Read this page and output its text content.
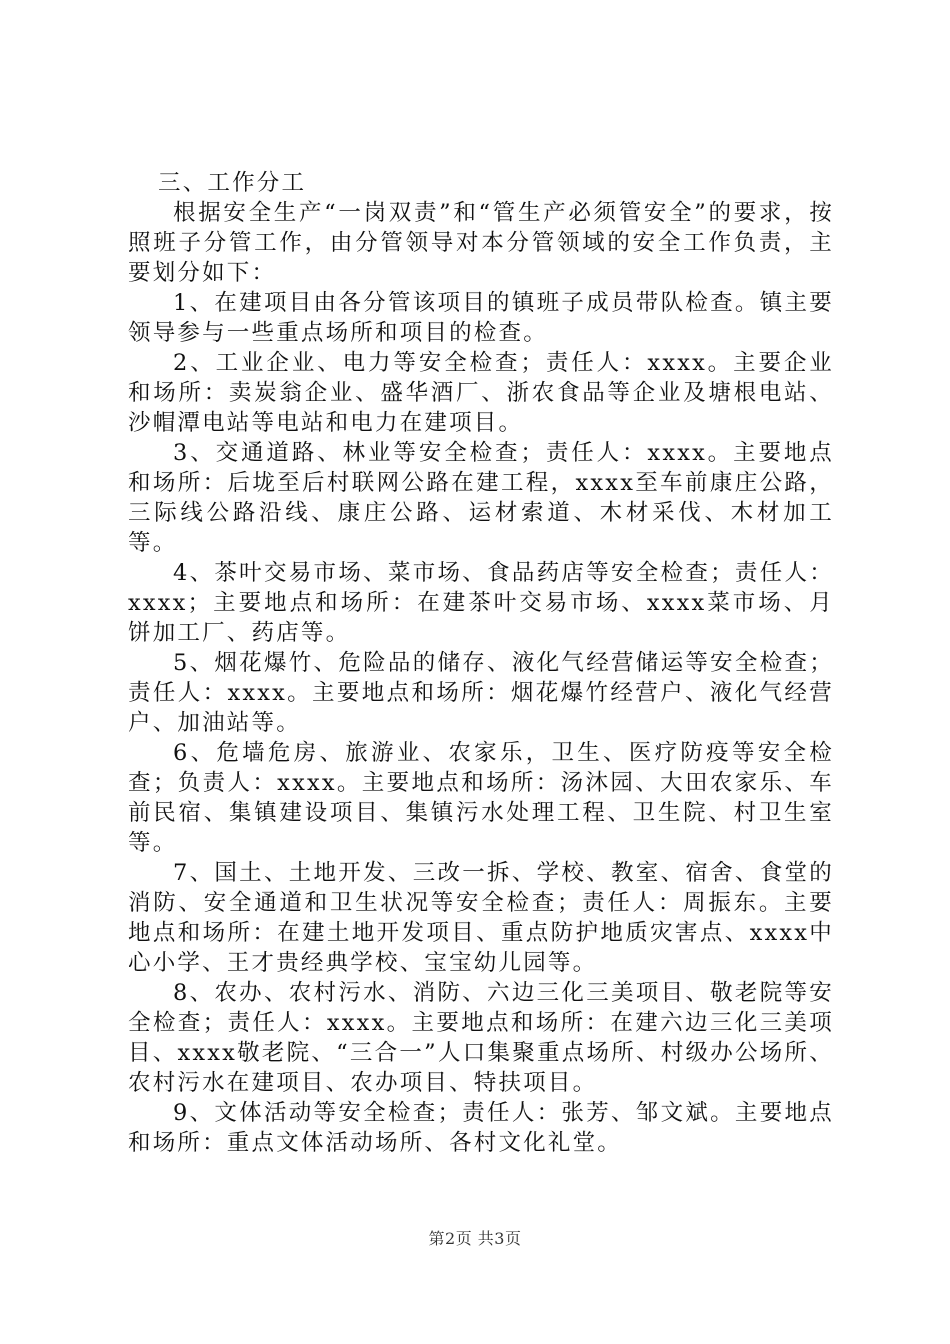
三、工作分工

根据安全生产“一岗双责”和“管生产必须管安全”的要求，按照班子分管工作，由分管领导对本分管领域的安全工作负责，主要划分如下：

1、在建项目由各分管该项目的镇班子成员带队检查。镇主要领导参与一些重点场所和项目的检查。

2、工业企业、电力等安全检查；责任人：xxxx。主要企业和场所：卖炭翁企业、盛华酒厂、浙农食品等企业及塘根电站、沙帽潭电站等电站和电力在建项目。

3、交通道路、林业等安全检查；责任人：xxxx。主要地点和场所：后垅至后村联网公路在建工程，xxxx至车前康庄公路，三际线公路沿线、康庄公路、运材索道、木材采伐、木材加工等。

4、茶叶交易市场、菜市场、食品药店等安全检查；责任人：xxxx；主要地点和场所：在建茶叶交易市场、xxxx菜市场、月饼加工厂、药店等。

5、烟花爆竹、危险品的储存、液化气经营储运等安全检查；责任人：xxxx。主要地点和场所：烟花爆竹经营户、液化气经营户、加油站等。

6、危墙危房、旅游业、农家乐，卫生、医疗防疫等安全检查；负责人：xxxx。主要地点和场所：汤沐园、大田农家乐、车前民宿、集镇建设项目、集镇污水处理工程、卫生院、村卫生室等。

7、国土、土地开发、三改一拆、学校、教室、宿舍、食堂的消防、安全通道和卫生状况等安全检查；责任人：周振东。主要地点和场所：在建土地开发项目、重点防护地质灾害点、xxxx中心小学、王才贵经典学校、宝宝幼儿园等。

8、农办、农村污水、消防、六边三化三美项目、敬老院等安全检查；责任人：xxxx。主要地点和场所：在建六边三化三美项目、xxxx敬老院、“三合一”人口集聚重点场所、村级办公场所、农村污水在建项目、农办项目、特扶项目。

9、文体活动等安全检查；责任人：张芳、邹文斌。主要地点和场所：重点文体活动场所、各村文化礼堂。

第2页 共3页
